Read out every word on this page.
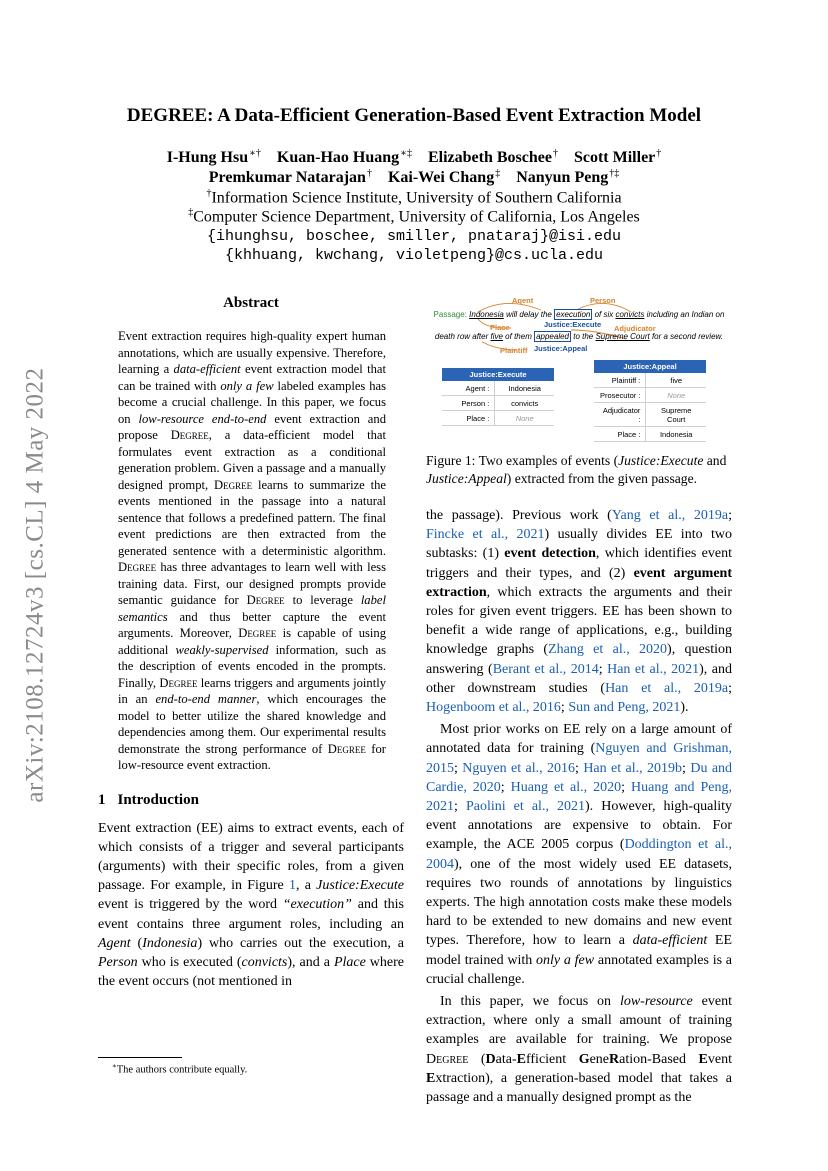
arXiv:2108.12724v3 [cs.CL] 4 May 2022
DEGREE: A Data-Efficient Generation-Based Event Extraction Model
I-Hung Hsu∗† Kuan-Hao Huang∗‡ Elizabeth Boschee† Scott Miller†
Premkumar Natarajan† Kai-Wei Chang‡ Nanyun Peng†‡
†Information Science Institute, University of Southern California
‡Computer Science Department, University of California, Los Angeles
{ihunghsu, boschee, smiller, pnataraj}@isi.edu
{khhuang, kwchang, violetpeng}@cs.ucla.edu
Abstract
Event extraction requires high-quality expert human annotations, which are usually expensive. Therefore, learning a data-efficient event extraction model that can be trained with only a few labeled examples has become a crucial challenge. In this paper, we focus on low-resource end-to-end event extraction and propose Degree, a data-efficient model that formulates event extraction as a conditional generation problem. Given a passage and a manually designed prompt, Degree learns to summarize the events mentioned in the passage into a natural sentence that follows a predefined pattern. The final event predictions are then extracted from the generated sentence with a deterministic algorithm. Degree has three advantages to learn well with less training data. First, our designed prompts provide semantic guidance for Degree to leverage label semantics and thus better capture the event arguments. Moreover, Degree is capable of using additional weakly-supervised information, such as the description of events encoded in the prompts. Finally, Degree learns triggers and arguments jointly in an end-to-end manner, which encourages the model to better utilize the shared knowledge and dependencies among them. Our experimental results demonstrate the strong performance of Degree for low-resource event extraction.
1 Introduction
Event extraction (EE) aims to extract events, each of which consists of a trigger and several participants (arguments) with their specific roles, from a given passage. For example, in Figure 1, a Justice:Execute event is triggered by the word “execution” and this event contains three argument roles, including an Agent (Indonesia) who carries out the execution, a Person who is executed (convicts), and a Place where the event occurs (not mentioned in
∗The authors contribute equally.
Agent	Person
Passage: Indonesia will delay the execution of six convicts including an Indian on
Place	Justice:Execute Adjudicator
death row after five of them appealed to the Supreme Court for a second review.
Plaintiff Justice:Appeal
Justice:Execute	
Agent :	Indonesia
Person :	convicts
Place :	None
Justice:Appeal	
Plaintiff :	five
Prosecutor :	None
Adjudicator :	Supreme Court
Place :	Indonesia
Figure 1: Two examples of events (Justice:Execute and Justice:Appeal) extracted from the given passage.
the passage). Previous work (Yang et al., 2019a; Fincke et al., 2021) usually divides EE into two subtasks: (1) event detection, which identifies event triggers and their types, and (2) event argument extraction, which extracts the arguments and their roles for given event triggers. EE has been shown to benefit a wide range of applications, e.g., building knowledge graphs (Zhang et al., 2020), question answering (Berant et al., 2014; Han et al., 2021), and other downstream studies (Han et al., 2019a; Hogenboom et al., 2016; Sun and Peng, 2021).
Most prior works on EE rely on a large amount of annotated data for training (Nguyen and Grishman, 2015; Nguyen et al., 2016; Han et al., 2019b; Du and Cardie, 2020; Huang et al., 2020; Huang and Peng, 2021; Paolini et al., 2021). However, high-quality event annotations are expensive to obtain. For example, the ACE 2005 corpus (Doddington et al., 2004), one of the most widely used EE datasets, requires two rounds of annotations by linguistics experts. The high annotation costs make these models hard to be extended to new domains and new event types. Therefore, how to learn a data-efficient EE model trained with only a few annotated examples is a crucial challenge.
In this paper, we focus on low-resource event extraction, where only a small amount of training examples are available for training. We propose Degree (Data-Efficient GeneRation-Based Event Extraction), a generation-based model that takes a passage and a manually designed prompt as the
